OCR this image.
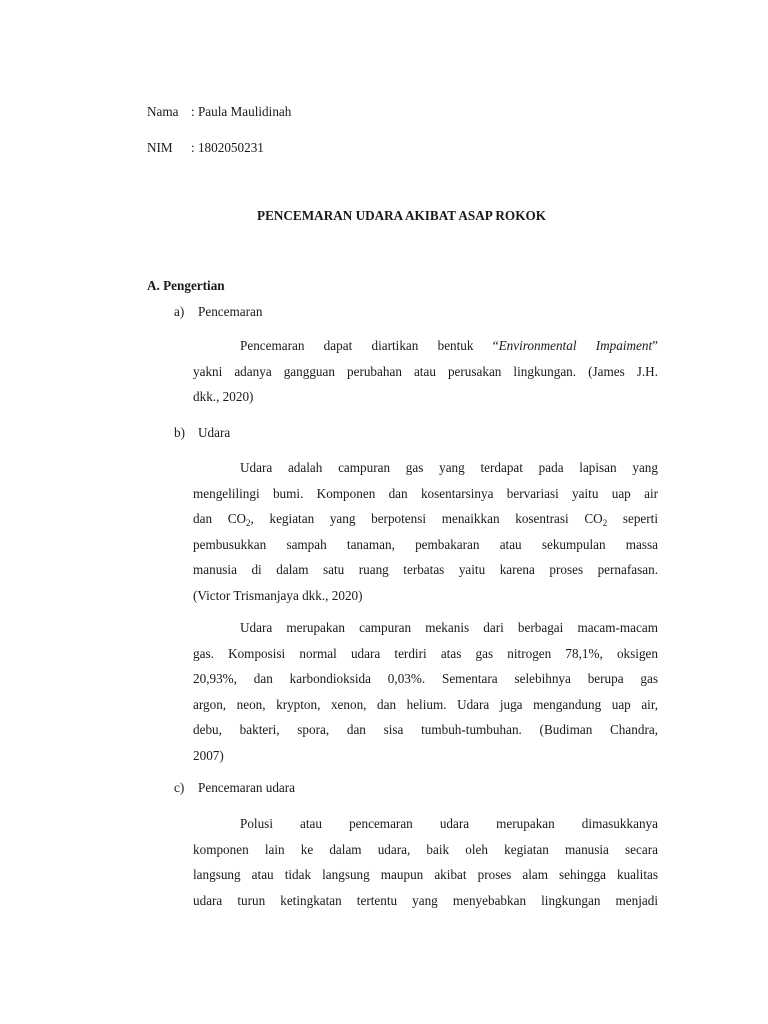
Nama : Paula Maulidinah
NIM : 1802050231
PENCEMARAN UDARA AKIBAT ASAP ROKOK
A. Pengertian
a) Pencemaran
Pencemaran dapat diartikan bentuk “Environmental Impaiment”
yakni adanya gangguan perubahan atau perusakan lingkungan. (James J.H.
dkk., 2020)
b) Udara
Udara adalah campuran gas yang terdapat pada lapisan yang
mengelilingi bumi. Komponen dan kosentarsinya bervariasi yaitu uap air
dan $CO_2$, kegiatan yang berpotensi menaikkan kosentrasi $CO_2$ seperti
pembusukkan sampah tanaman, pembakaran atau sekumpulan massa
manusia di dalam satu ruang terbatas yaitu karena proses pernafasan.
(Victor Trismanjaya dkk., 2020)
Udara merupakan campuran mekanis dari berbagai macam-macam
gas. Komposisi normal udara terdiri atas gas nitrogen 78,1%, oksigen
20,93%, dan karbondioksida 0,03%. Sementara selebihnya berupa gas
argon, neon, krypton, xenon, dan helium. Udara juga mengandung uap air,
debu, bakteri, spora, dan sisa tumbuh-tumbuhan. (Budiman Chandra,
2007)
c) Pencemaran udara
Polusi atau pencemaran udara merupakan dimasukkanya
komponen lain ke dalam udara, baik oleh kegiatan manusia secara
langsung atau tidak langsung maupun akibat proses alam sehingga kualitas
udara turun ketingkatan tertentu yang menyebabkan lingkungan menjadi
